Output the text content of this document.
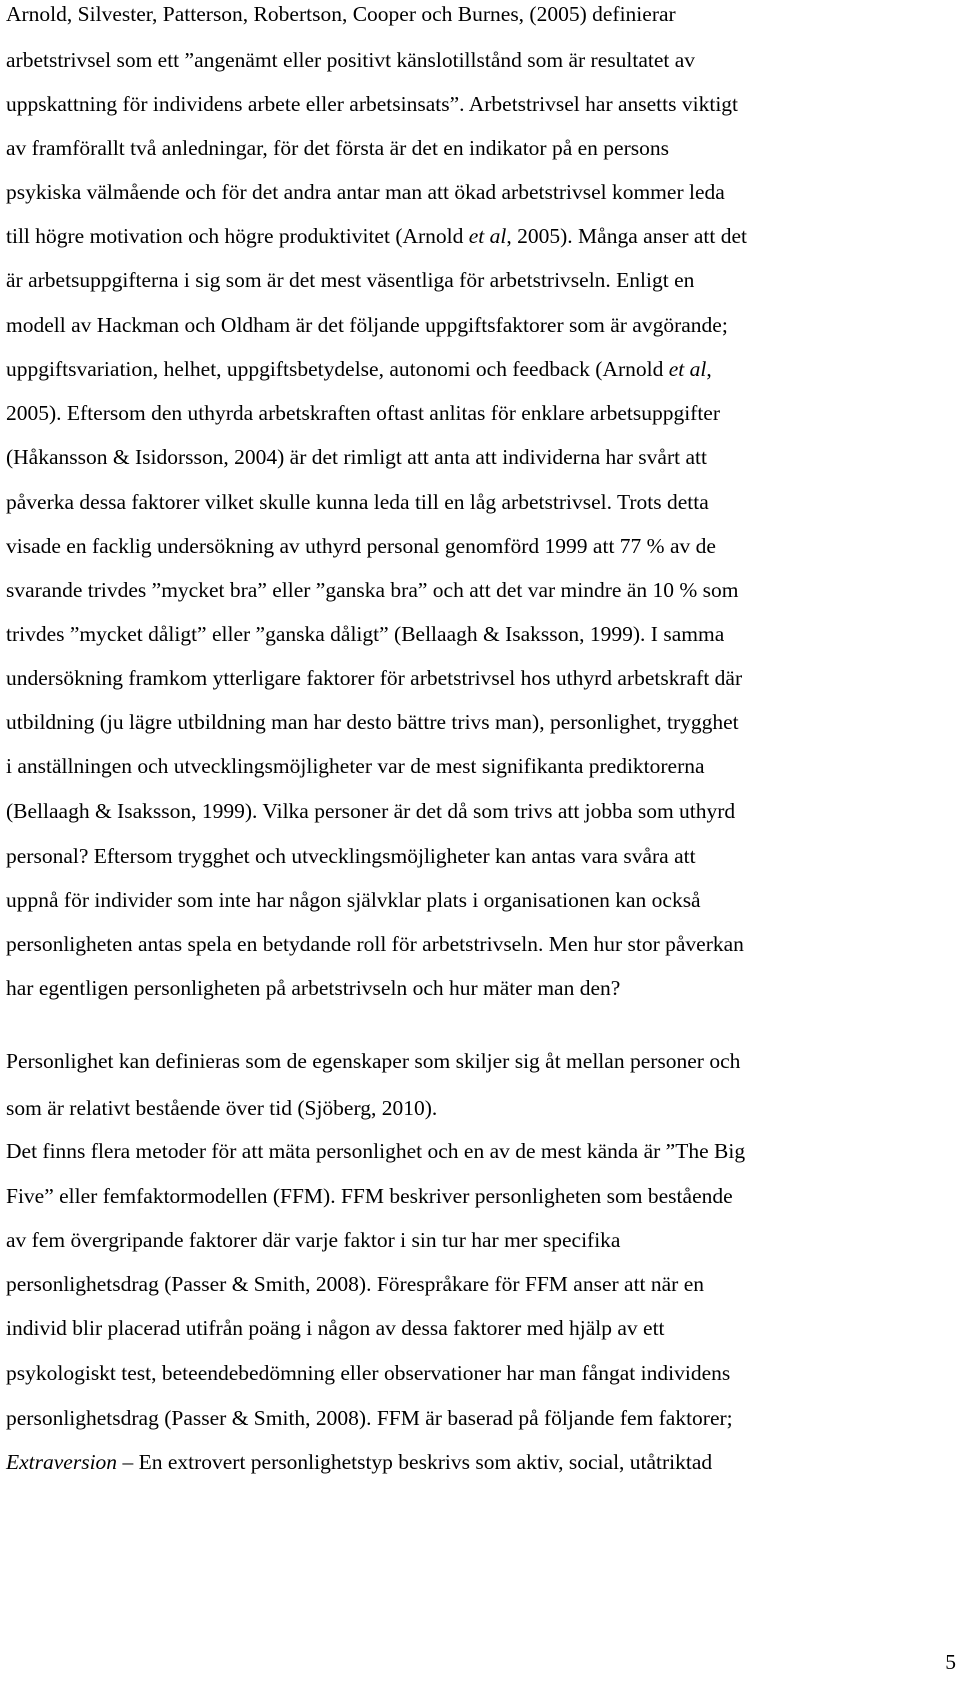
Arnold, Silvester, Patterson, Robertson, Cooper och Burnes, (2005) definierar
arbetstrivsel som ett ”angenämt eller positivt känslotillstånd som är resultatet av
uppskattning för individens arbete eller arbetsinsats”. Arbetstrivsel har ansetts viktigt
av framförallt två anledningar, för det första är det en indikator på en persons
psykiska välmående och för det andra antar man att ökad arbetstrivsel kommer leda
till högre motivation och högre produktivitet (Arnold et al, 2005). Många anser att det
är arbetsuppgifterna i sig som är det mest väsentliga för arbetstrivseln. Enligt en
modell av Hackman och Oldham är det följande uppgiftsfaktorer som är avgörande;
uppgiftsvariation, helhet, uppgiftsbetydelse, autonomi och feedback (Arnold et al,
2005). Eftersom den uthyrda arbetskraften oftast anlitas för enklare arbetsuppgifter
(Håkansson & Isidorsson, 2004) är det rimligt att anta att individerna har svårt att
påverka dessa faktorer vilket skulle kunna leda till en låg arbetstrivsel. Trots detta
visade en facklig undersökning av uthyrd personal genomförd 1999 att 77 % av de
svarande trivdes ”mycket bra” eller ”ganska bra” och att det var mindre än 10 % som
trivdes ”mycket dåligt” eller ”ganska dåligt” (Bellaagh & Isaksson, 1999). I samma
undersökning framkom ytterligare faktorer för arbetstrivsel hos uthyrd arbetskraft där
utbildning (ju lägre utbildning man har desto bättre trivs man), personlighet, trygghet
i anställningen och utvecklingsmöjligheter var de mest signifikanta prediktorerna
(Bellaagh & Isaksson, 1999). Vilka personer är det då som trivs att jobba som uthyrd
personal? Eftersom trygghet och utvecklingsmöjligheter kan antas vara svåra att
uppnå för individer som inte har någon självklar plats i organisationen kan också
personligheten antas spela en betydande roll för arbetstrivseln. Men hur stor påverkan
har egentligen personligheten på arbetstrivseln och hur mäter man den?
Personlighet kan definieras som de egenskaper som skiljer sig åt mellan personer och
som är relativt bestående över tid (Sjöberg, 2010).
Det finns flera metoder för att mäta personlighet och en av de mest kända är ”The Big
Five” eller femfaktormodellen (FFM). FFM beskriver personligheten som bestående
av fem övergripande faktorer där varje faktor i sin tur har mer specifika
personlighetsdrag (Passer & Smith, 2008). Förespråkare för FFM anser att när en
individ blir placerad utifrån poäng i någon av dessa faktorer med hjälp av ett
psykologiskt test, beteendebedömning eller observationer har man fångat individens
personlighetsdrag (Passer & Smith, 2008). FFM är baserad på följande fem faktorer;
Extraversion – En extrovert personlighetstyp beskrivs som aktiv, social, utåtriktad
5
